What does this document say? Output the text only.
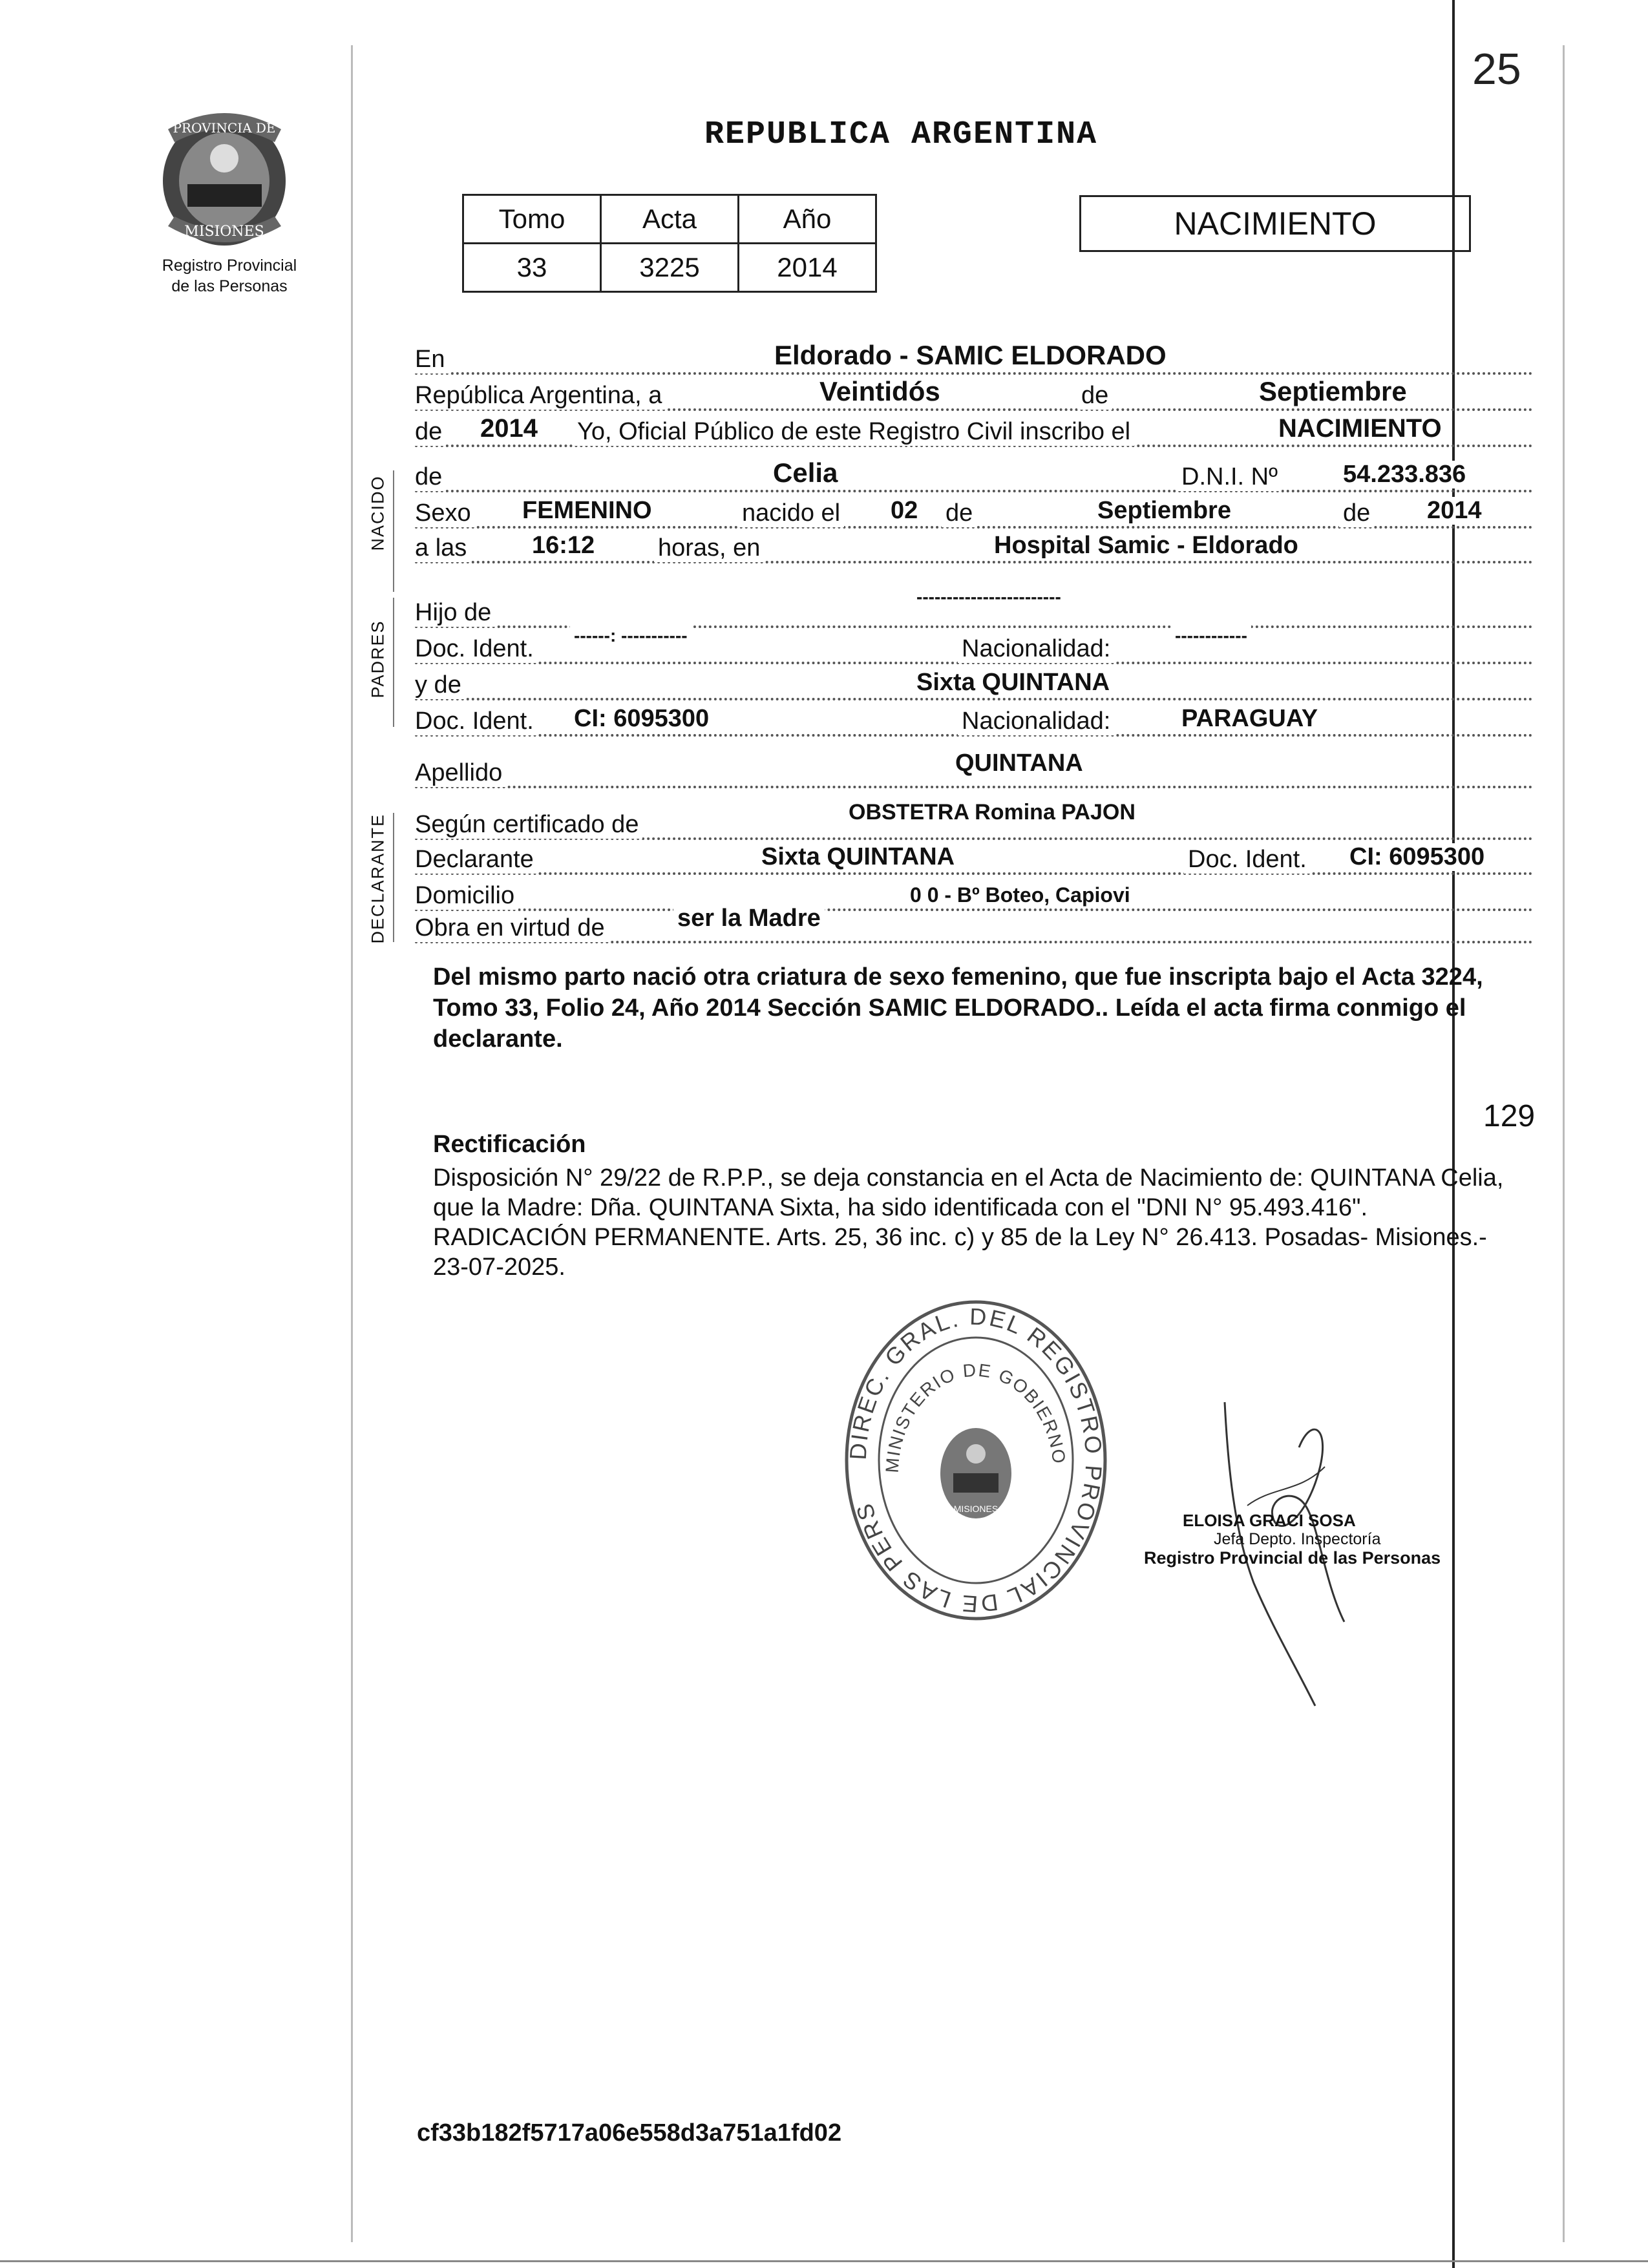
25
PROVINCIA DE
MISIONES
Registro Provincial
de las Personas
REPUBLICA ARGENTINA
Tomo	Acta	Año
33	3225	2014
NACIMIENTO
NACIDO
PADRES
DECLARANTE
En	Eldorado - SAMIC ELDORADO
República Argentina, a	Veintidós	de	Septiembre
de 2014 Yo, Oficial Público de este Registro Civil inscribo el	NACIMIENTO
de	Celia	D.N.I. Nº	54.233.836
Sexo FEMENINO	nacido el 02 de	Septiembre	de 2014
a las	16:12	horas, en	Hospital Samic - Eldorado
Hijo de
------------------------
Doc. Ident. ------: -----------	Nacionalidad:	------------
y de	Sixta QUINTANA
Doc. Ident. CI: 6095300	Nacionalidad:	PARAGUAY
Apellido	QUINTANA
Según certificado de	OBSTETRA Romina PAJON
Declarante	Sixta QUINTANA	Doc. Ident. CI: 6095300
Domicilio	0 0 - Bº Boteo, Capiovi
Obra en virtud de	ser la Madre
Del mismo parto nació otra criatura de sexo femenino, que fue inscripta bajo el Acta 3224, Tomo 33, Folio 24, Año 2014 Sección SAMIC ELDORADO.. Leída el acta firma conmigo el declarante.
129
Rectificación
Disposición N° 29/22 de R.P.P., se deja constancia en el Acta de Nacimiento de: QUINTANA Celia, que la Madre: Dña. QUINTANA Sixta, ha sido identificada con el "DNI N° 95.493.416". RADICACIÓN PERMANENTE. Arts. 25, 36 inc. c) y 85 de la Ley N° 26.413. Posadas- Misiones.- 23-07-2025.
DIREC. GRAL. DEL REGISTRO PROVINCIAL DE LAS PERS
MINISTERIO DE GOBIERNO
MISIONES
ELOISA GRACI SOSA
Jefa Depto. Inspectoría
Registro Provincial de las Personas
cf33b182f5717a06e558d3a751a1fd02
